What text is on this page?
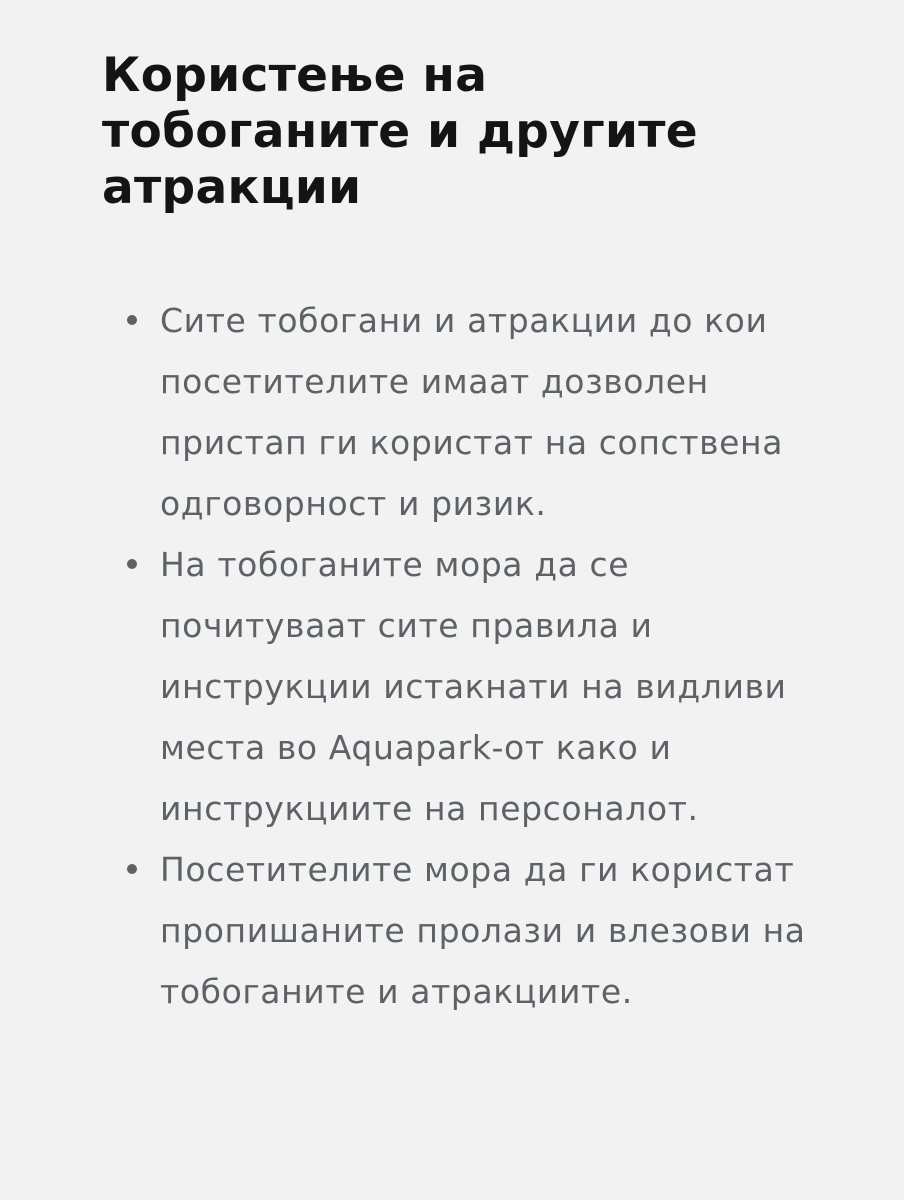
Користење на тобоганите и другите атракции
Сите тобогани и атракции до кои посетителите имаат дозволен пристап ги користат на сопствена одговорност и ризик.
На тобоганите мора да се почитуваат сите правила и инструкции истакнати на видливи места во Aquapark-от како и инструкциите на персоналот.
Посетителите мора да ги користат пропишаните пролази и влезови на тобоганите и атракциите.
